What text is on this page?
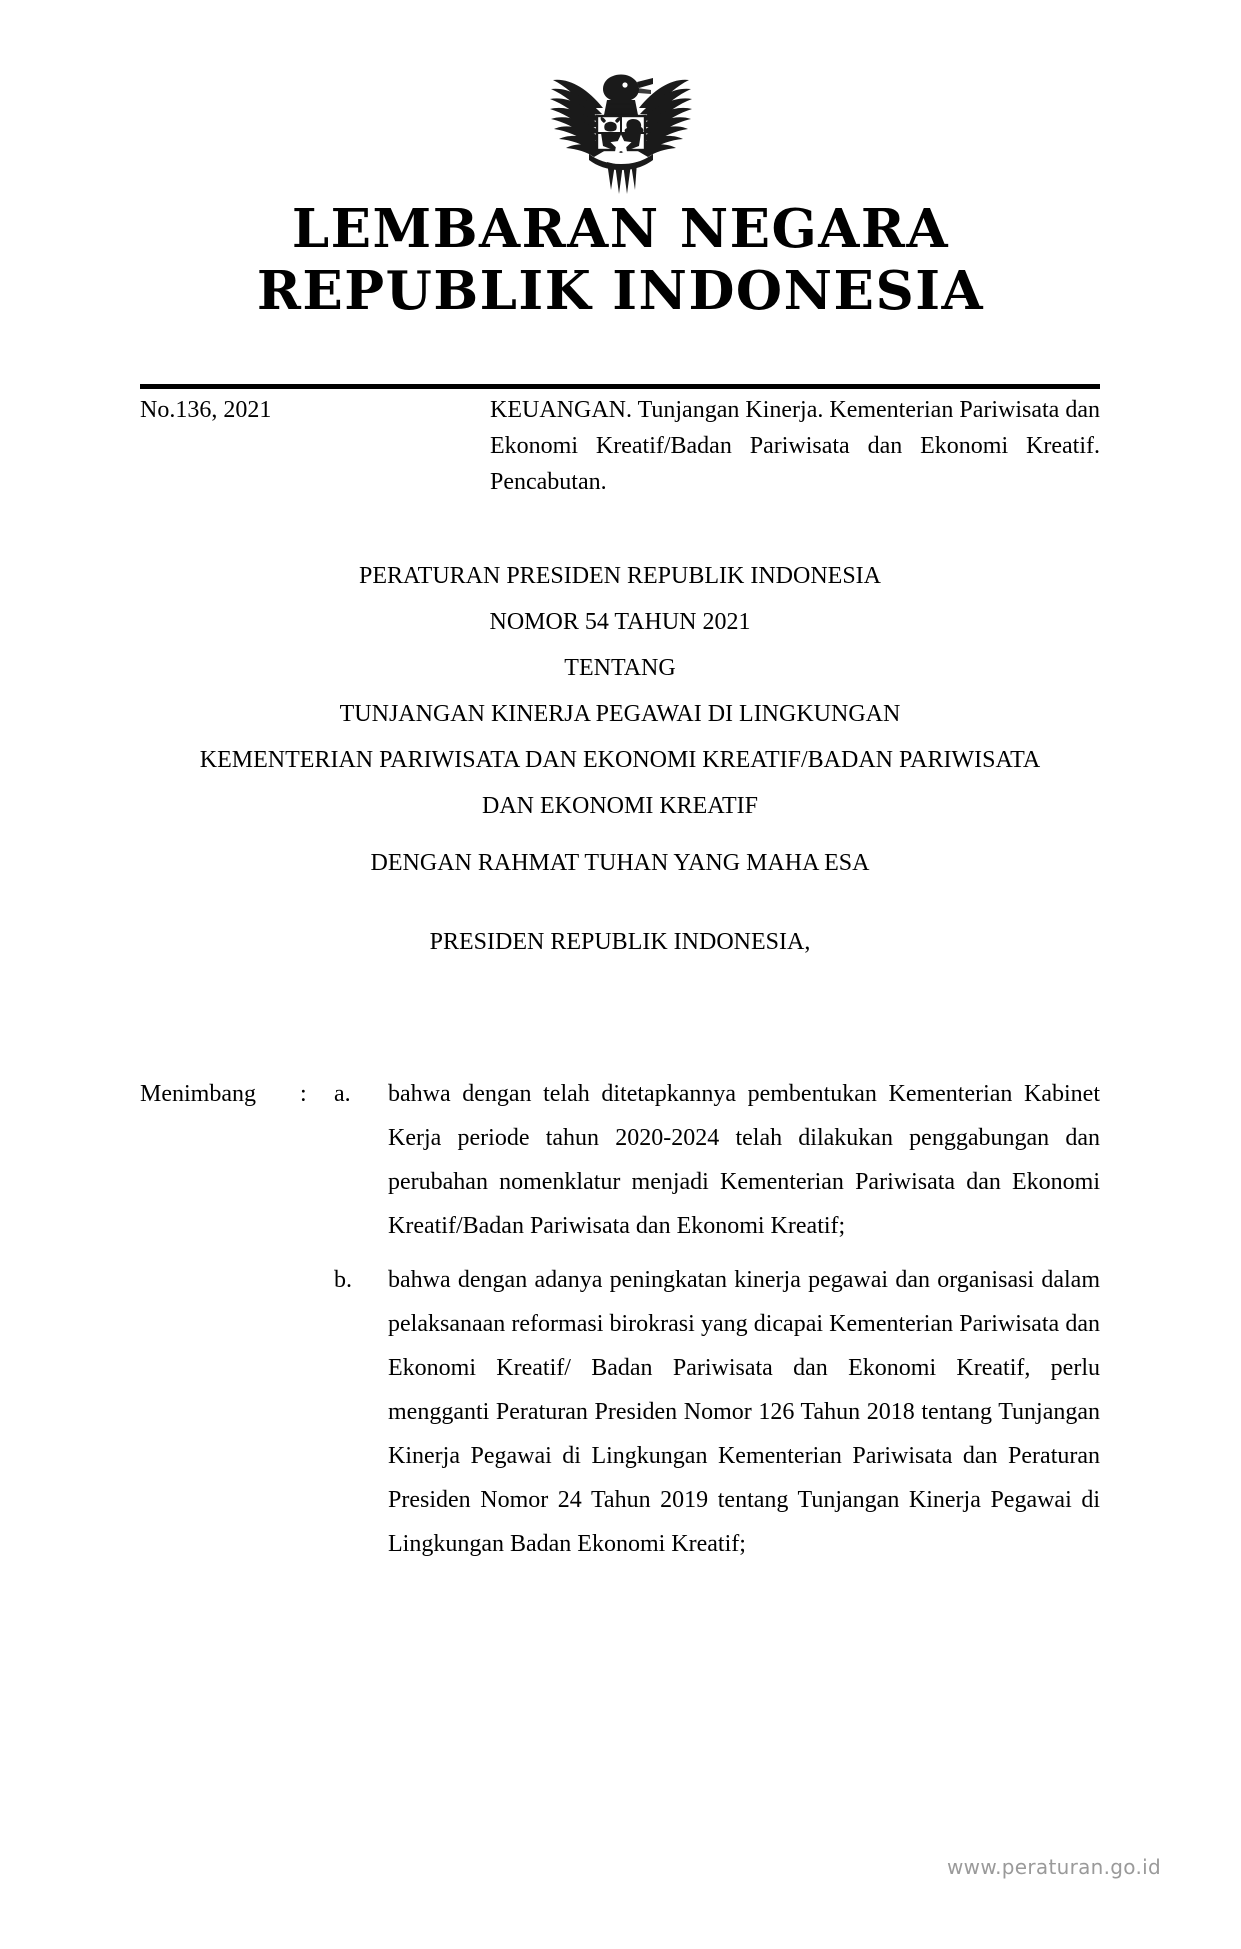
LEMBARAN NEGARA
REPUBLIK INDONESIA
No.136, 2021	KEUANGAN. Tunjangan Kinerja. Kementerian Pariwisata dan Ekonomi Kreatif/Badan Pariwisata dan Ekonomi Kreatif. Pencabutan.
PERATURAN PRESIDEN REPUBLIK INDONESIA
NOMOR 54 TAHUN 2021
TENTANG
TUNJANGAN KINERJA PEGAWAI DI LINGKUNGAN
KEMENTERIAN PARIWISATA DAN EKONOMI KREATIF/BADAN PARIWISATA
DAN EKONOMI KREATIF
DENGAN RAHMAT TUHAN YANG MAHA ESA
PRESIDEN REPUBLIK INDONESIA,
Menimbang	:	a.	bahwa dengan telah ditetapkannya pembentukan Kementerian Kabinet Kerja periode tahun 2020-2024 telah dilakukan penggabungan dan perubahan nomenklatur menjadi Kementerian Pariwisata dan Ekonomi Kreatif/Badan Pariwisata dan Ekonomi Kreatif;
b.	bahwa dengan adanya peningkatan kinerja pegawai dan organisasi dalam pelaksanaan reformasi birokrasi yang dicapai Kementerian Pariwisata dan Ekonomi Kreatif/ Badan Pariwisata dan Ekonomi Kreatif, perlu mengganti Peraturan Presiden Nomor 126 Tahun 2018 tentang Tunjangan Kinerja Pegawai di Lingkungan Kementerian Pariwisata dan Peraturan Presiden Nomor 24 Tahun 2019 tentang Tunjangan Kinerja Pegawai di Lingkungan Badan Ekonomi Kreatif;
www.peraturan.go.id
